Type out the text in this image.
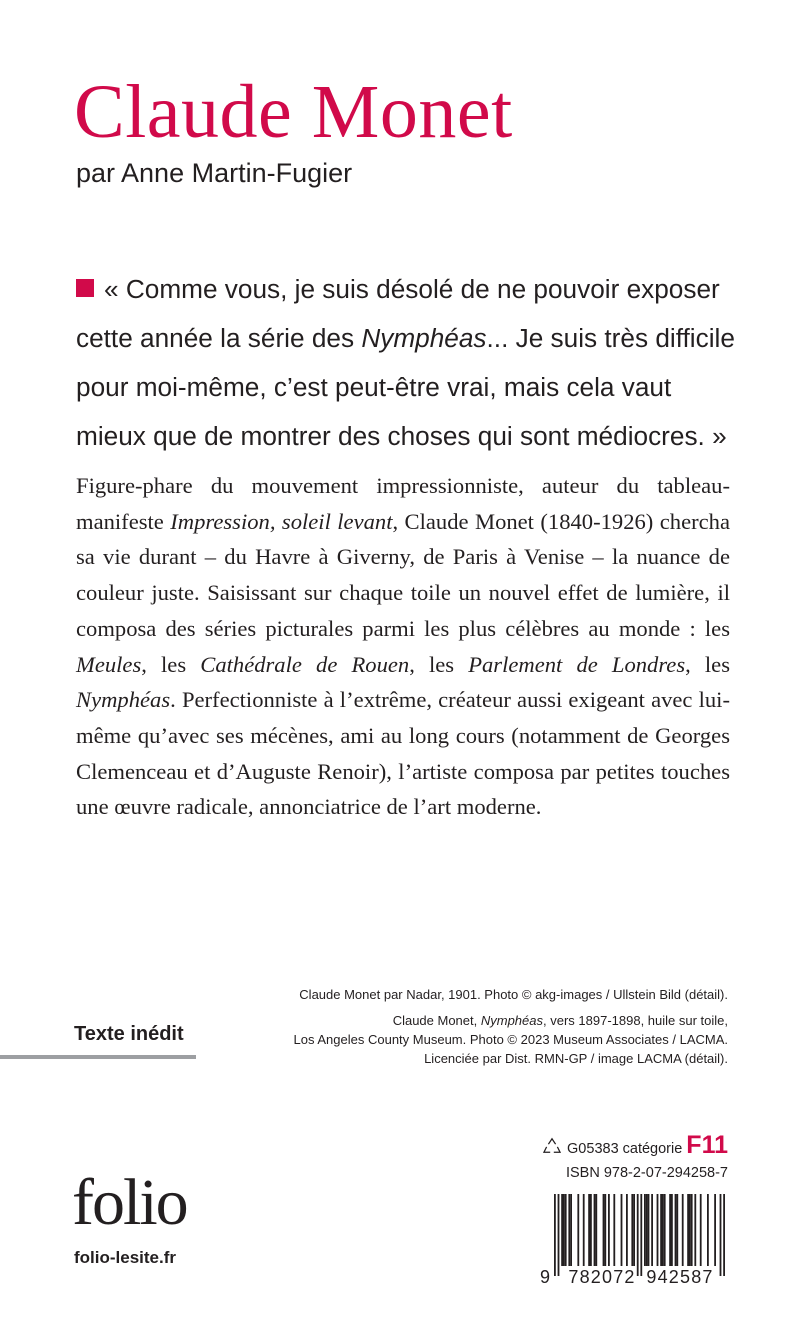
Claude Monet
par Anne Martin-Fugier
« Comme vous, je suis désolé de ne pouvoir exposer cette année la série des Nymphéas... Je suis très difficile pour moi-même, c’est peut-être vrai, mais cela vaut mieux que de montrer des choses qui sont médiocres. »
Figure-phare du mouvement impressionniste, auteur du tableau-manifeste Impression, soleil levant, Claude Monet (1840-1926) chercha sa vie durant – du Havre à Giverny, de Paris à Venise – la nuance de couleur juste. Saisissant sur chaque toile un nouvel effet de lumière, il composa des séries picturales parmi les plus célèbres au monde : les Meules, les Cathédrale de Rouen, les Parlement de Londres, les Nymphéas. Perfectionniste à l’extrême, créateur aussi exigeant avec lui-même qu’avec ses mécènes, ami au long cours (notamment de Georges Clemenceau et d’Auguste Renoir), l’artiste composa par petites touches une œuvre radicale, annonciatrice de l’art moderne.

Claude Monet par Nadar, 1901. Photo © akg-images / Ullstein Bild (détail).

Claude Monet, Nymphéas, vers 1897-1898, huile sur toile,

Los Angeles County Museum. Photo © 2023 Museum Associates / LACMA.

Licenciée par Dist. RMN-GP / image LACMA (détail).

Texte inédit
folio
folio-lesite.fr
G05383 catégorie F11
ISBN 978-2-07-294258-7
9 782072 942587
